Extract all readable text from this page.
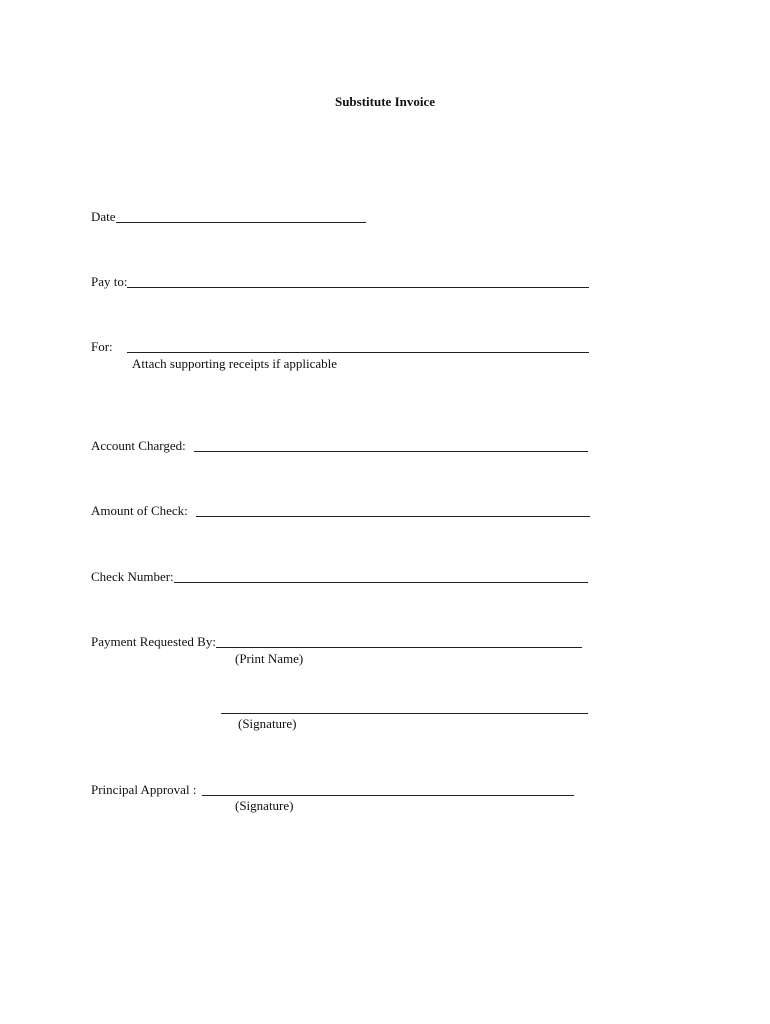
Substitute Invoice
Date
Pay to:
For:
Attach supporting receipts if applicable
Account Charged:
Amount of Check:
Check Number:
Payment Requested By:
(Print Name)
(Signature)
Principal Approval :
(Signature)
